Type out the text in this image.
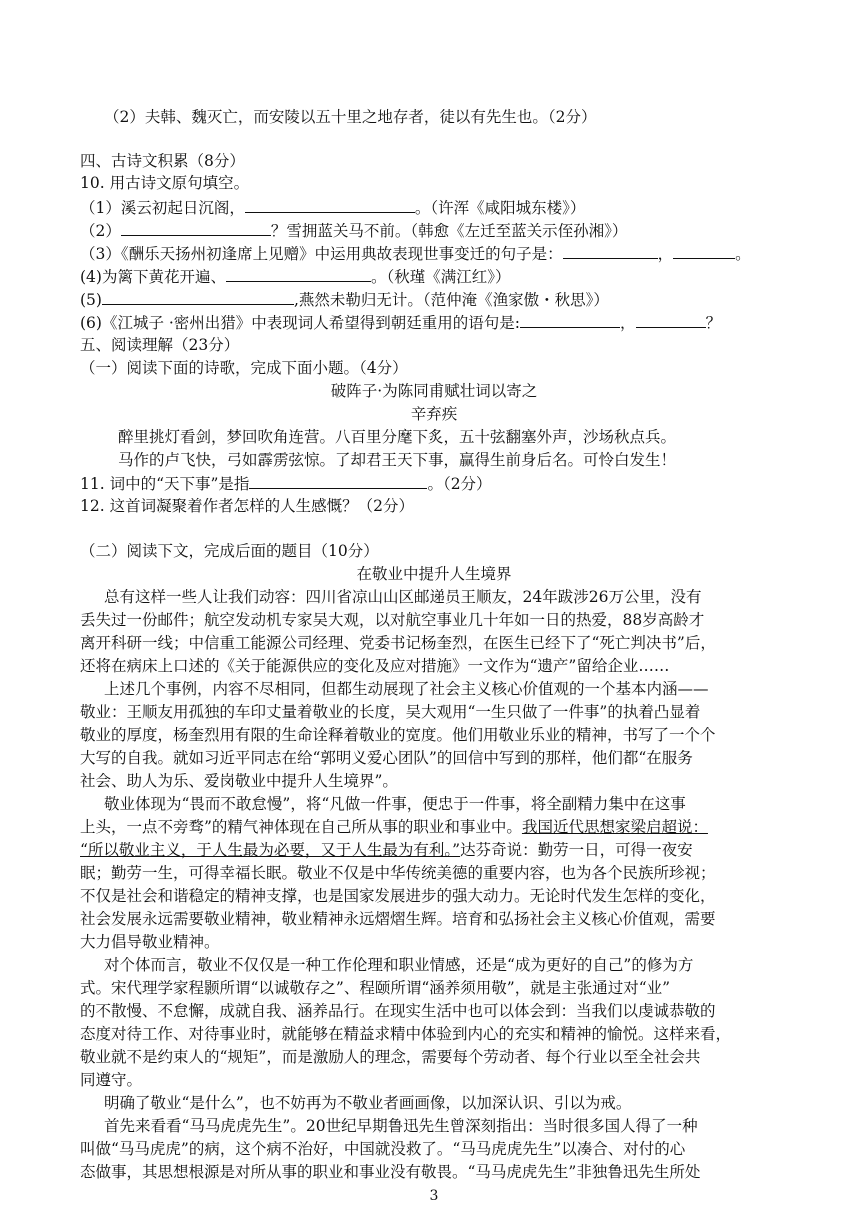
（2）夫韩、魏灭亡，而安陵以五十里之地存者，徒以有先生也。（2分）
四、古诗文积累（8分）
10. 用古诗文原句填空。
（1）溪云初起日沉阁，	。（许浑《咸阳城东楼》）
（2）	？雪拥蓝关马不前。（韩愈《左迁至蓝关示侄孙湘》）
（3）《酬乐天扬州初逢席上见赠》中运用典故表现世事变迁的句子是：	，	。
(4)为篱下黄花开遍、	。（秋瑾《满江红》）
(5)	,燕然未勒归无计。（范仲淹《渔家傲・秋思》）
(6)《江城子 ·密州出猎》中表现词人希望得到朝廷重用的语句是:	，	？
五、阅读理解（23分）
（一）阅读下面的诗歌，完成下面小题。（4分）
破阵子·为陈同甫赋壮词以寄之
辛弃疾
醉里挑灯看剑，梦回吹角连营。八百里分麾下炙，五十弦翻塞外声，沙场秋点兵。
马作的卢飞快，弓如霹雳弦惊。了却君王天下事，赢得生前身后名。可怜白发生！
11. 词中的“天下事”是指	。（2分）
12. 这首词凝聚着作者怎样的人生感慨？（2分）
（二）阅读下文，完成后面的题目（10分）
在敬业中提升人生境界
总有这样一些人让我们动容：四川省凉山山区邮递员王顺友，24年跋涉26万公里，没有
丢失过一份邮件；航空发动机专家吴大观，以对航空事业几十年如一日的热爱，88岁高龄才
离开科研一线；中信重工能源公司经理、党委书记杨奎烈，在医生已经下了“死亡判决书”后，
还将在病床上口述的《关于能源供应的变化及应对措施》一文作为“遗产”留给企业……
上述几个事例，内容不尽相同，但都生动展现了社会主义核心价值观的一个基本内涵——
敬业：王顺友用孤独的车印丈量着敬业的长度，吴大观用“一生只做了一件事”的执着凸显着
敬业的厚度，杨奎烈用有限的生命诠释着敬业的宽度。他们用敬业乐业的精神，书写了一个个
大写的自我。就如习近平同志在给“郭明义爱心团队”的回信中写到的那样，他们都“在服务
社会、助人为乐、爱岗敬业中提升人生境界”。
敬业体现为“畏而不敢怠慢”，将“凡做一件事，便忠于一件事，将全副精力集中在这事
上头，一点不旁骛”的精气神体现在自己所从事的职业和事业中。我国近代思想家梁启超说：
“所以敬业主义，于人生最为必要，又于人生最为有利。”达芬奇说：勤劳一日，可得一夜安
眠；勤劳一生，可得幸福长眠。敬业不仅是中华传统美德的重要内容，也为各个民族所珍视；
不仅是社会和谐稳定的精神支撑，也是国家发展进步的强大动力。无论时代发生怎样的变化，
社会发展永远需要敬业精神，敬业精神永远熠熠生辉。培育和弘扬社会主义核心价值观，需要
大力倡导敬业精神。
对个体而言，敬业不仅仅是一种工作伦理和职业情感，还是“成为更好的自己”的修为方
式。宋代理学家程颢所谓“以诚敬存之”、程颐所谓“涵养须用敬”，就是主张通过对“业”
的不散慢、不怠懈，成就自我、涵养品行。在现实生活中也可以体会到：当我们以虔诚恭敬的
态度对待工作、对待事业时，就能够在精益求精中体验到内心的充实和精神的愉悦。这样来看，
敬业就不是约束人的“规矩”，而是激励人的理念，需要每个劳动者、每个行业以至全社会共
同遵守。
明确了敬业“是什么”，也不妨再为不敬业者画画像，以加深认识、引以为戒。
首先来看看“马马虎虎先生”。20世纪早期鲁迅先生曾深刻指出：当时很多国人得了一种
叫做“马马虎虎”的病，这个病不治好，中国就没救了。“马马虎虎先生”以凑合、对付的心
态做事，其思想根源是对所从事的职业和事业没有敬畏。“马马虎虎先生”非独鲁迅先生所处
3
